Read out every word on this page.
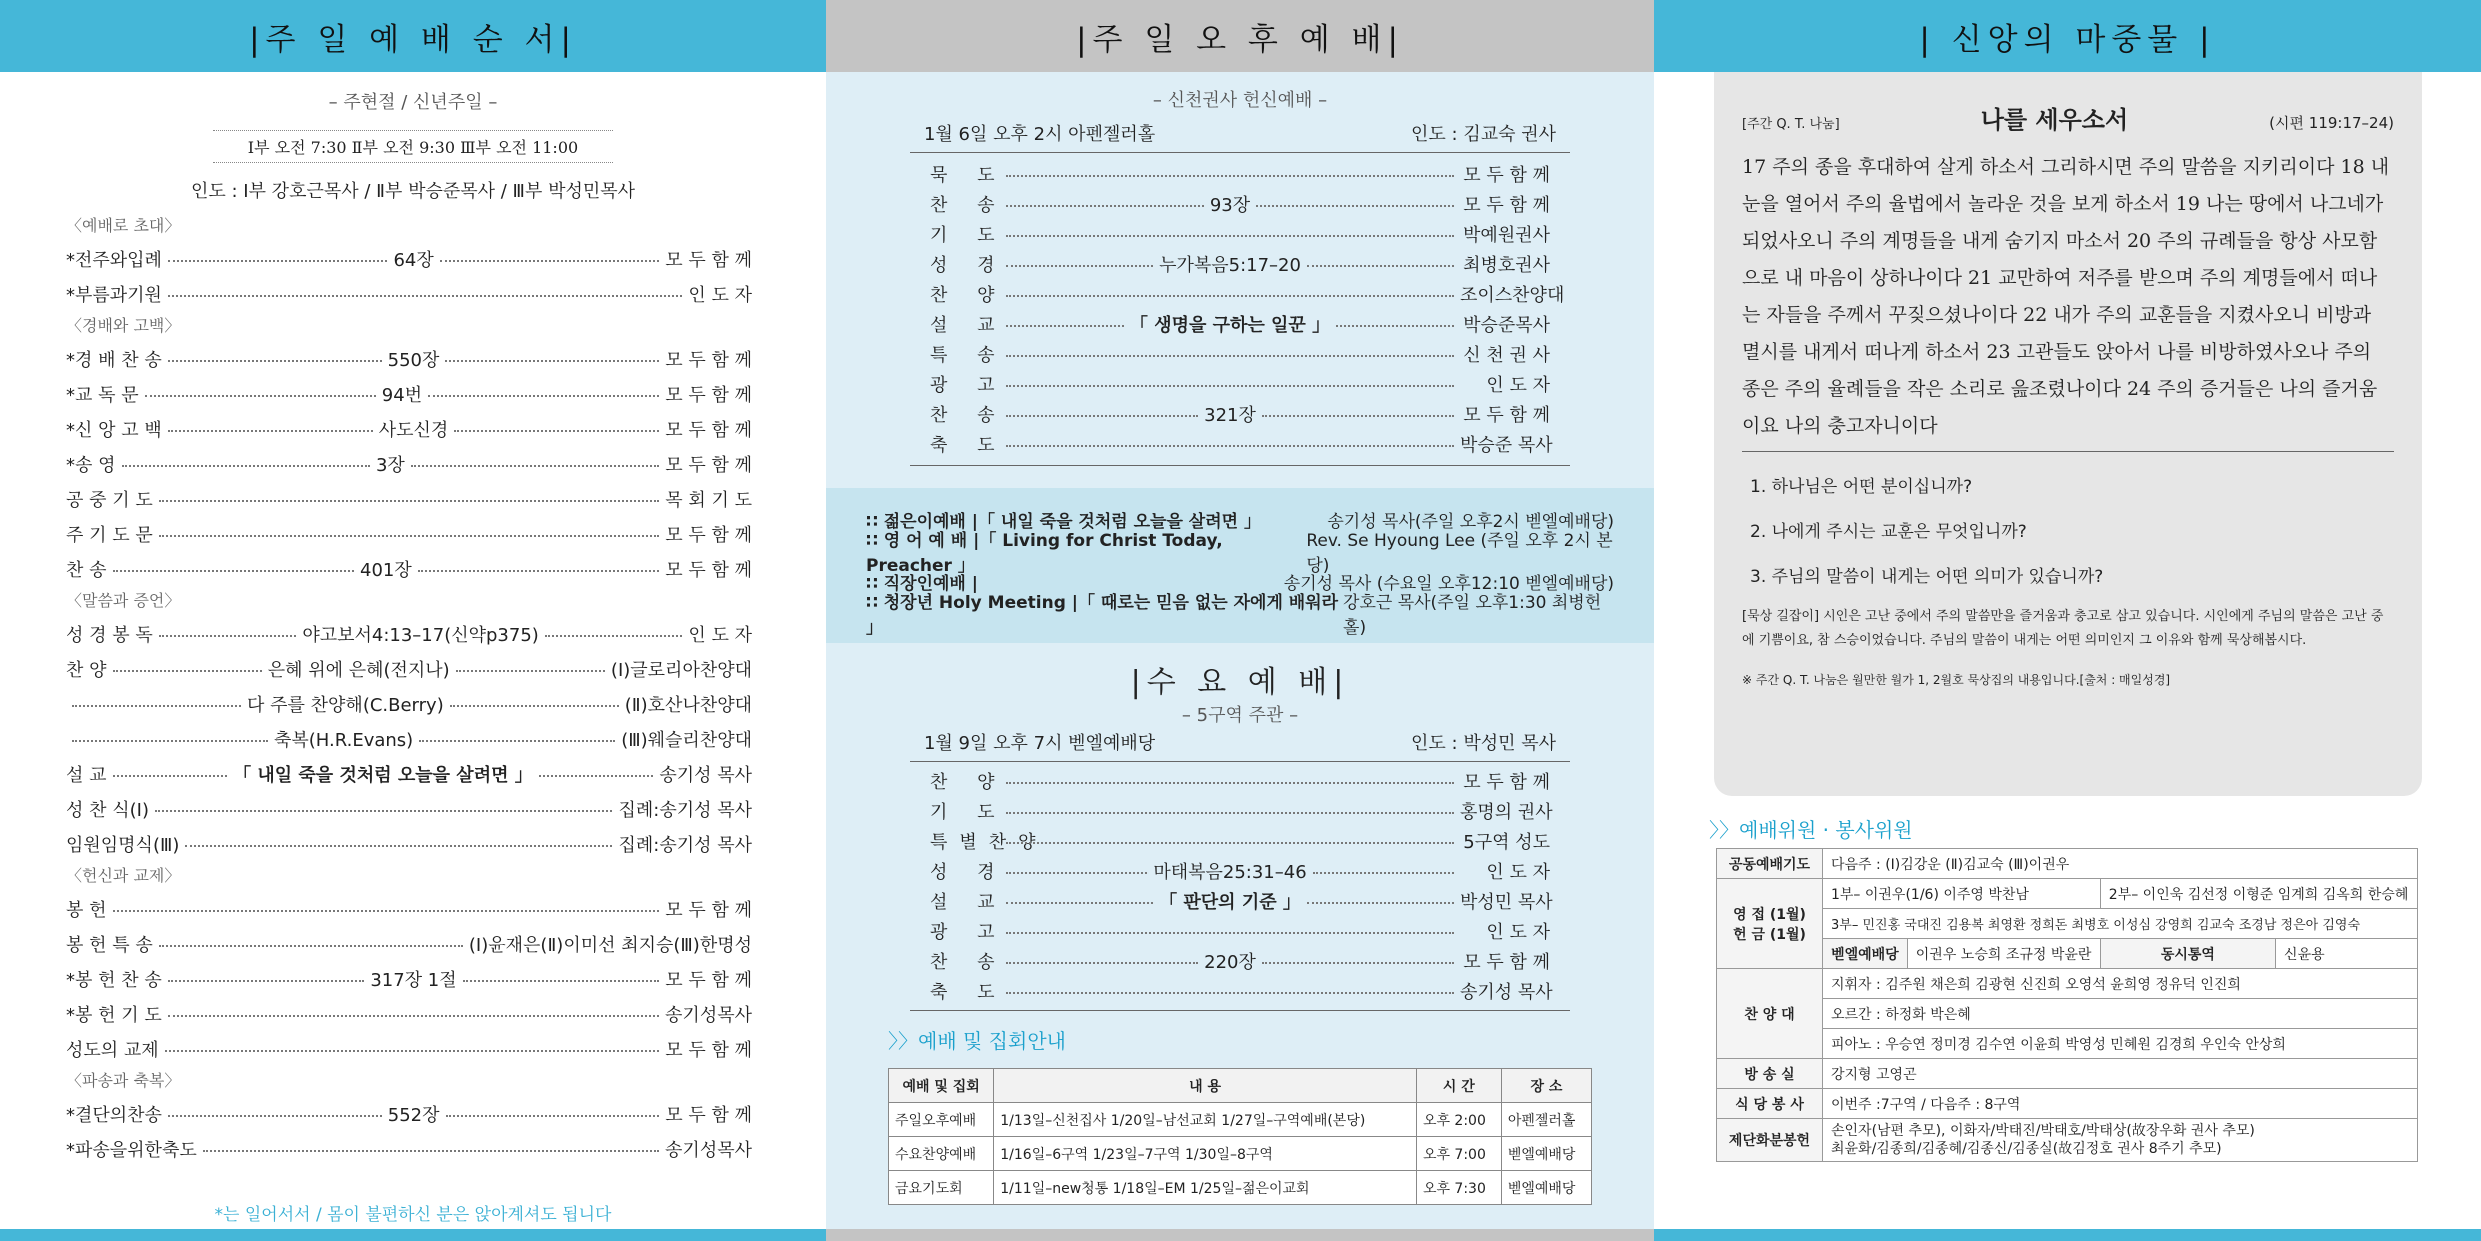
|주 일 예 배 순 서|
– 주현절 / 신년주일 –
Ⅰ부 오전 7:30 Ⅱ부 오전 9:30 Ⅲ부 오전 11:00
인도 : Ⅰ부 강호근목사 / Ⅱ부 박승준목사 / Ⅲ부 박성민목사
〈예배로 초대〉
*전주와입례	64장	모 두 함 께
*부름과기원	인 도 자
〈경배와 고백〉
*경 배 찬 송	550장	모 두 함 께
*교 독 문	94번	모 두 함 께
*신 앙 고 백	사도신경	모 두 함 께
*송 영	3장	모 두 함 께
공 중 기 도	목 회 기 도
주 기 도 문	모 두 함 께
찬 송	401장	모 두 함 께
〈말씀과 증언〉
성 경 봉 독	야고보서4:13–17(신약p375)	인 도 자
찬 양	은혜 위에 은혜(전지나)	(Ⅰ)글로리아찬양대
다 주를 찬양해(C.Berry)	(Ⅱ)호산나찬양대
축복(H.R.Evans)	(Ⅲ)웨슬리찬양대
설 교	「 내일 죽을 것처럼 오늘을 살려면 」	송기성 목사
성 찬 식(Ⅰ)	집례:송기성 목사
임원임명식(Ⅲ)	집례:송기성 목사
〈헌신과 교제〉
봉 헌	모 두 함 께
봉 헌 특 송	(Ⅰ)윤재은(Ⅱ)이미선 최지승(Ⅲ)한명성
*봉 헌 찬 송	317장 1절	모 두 함 께
*봉 헌 기 도	송기성목사
성도의 교제	모 두 함 께
〈파송과 축복〉
*결단의찬송	552장	모 두 함 께
*파송을위한축도	송기성목사
*는 일어서서 / 몸이 불편하신 분은 앉아계셔도 됩니다
|주 일 오 후 예 배|
– 신천권사 헌신예배 –
1월 6일 오후 2시 아펜젤러홀	인도 : 김교숙 권사
묵 도	모 두 함 께
찬 송	93장	모 두 함 께
기 도	박예원권사
성 경	누가복음5:17–20	최병호권사
찬 양	조이스찬양대
설 교	「 생명을 구하는 일꾼 」	박승준목사
특 송	신 천 권 사
광 고	인 도 자
찬 송	321장	모 두 함 께
축 도	박승준 목사
∷ 젊은이예배 |「 내일 죽을 것처럼 오늘을 살려면 」	송기성 목사(주일 오후2시 벧엘예배당)
∷ 영 어 예 배 |「 Living for Christ Today, Preacher 」
Rev. Se Hyoung Lee (주일 오후 2시 본당)
∷ 직장인예배 |	송기성 목사 (수요일 오후12:10 벧엘예배당)
∷ 청장년 Holy Meeting |「 때로는 믿음 없는 자에게 배워라 」
강호근 목사(주일 오후1:30 최병헌홀)
|수 요 예 배|
– 5구역 주관 –
1월 9일 오후 7시 벧엘예배당	인도 : 박성민 목사
찬 양	모 두 함 께
기 도	홍명의 권사
특별찬양	5구역 성도
성 경	마태복음25:31–46	인 도 자
설 교	「 판단의 기준 」	박성민 목사
광 고	인 도 자
찬 송	220장	모 두 함 께
축 도	송기성 목사
〉〉예배 및 집회안내
예배 및 집회	내 용	시 간	장 소
주일오후예배	1/13일–신천집사 1/20일–남선교회 1/27일–구역예배(본당)	오후 2:00	아펜젤러홀
수요찬양예배	1/16일–6구역 1/23일–7구역 1/30일–8구역	오후 7:00	벧엘예배당
금요기도회	1/11일–new청통 1/18일–EM 1/25일–젊은이교회	오후 7:30	벧엘예배당
| 신앙의 마중물 |
[주간 Q. T. 나눔]	나를 세우소서	(시편 119:17–24)
17 주의 종을 후대하여 살게 하소서 그리하시면 주의 말씀을 지키리이다 18 내 눈을 열어서 주의 율법에서 놀라운 것을 보게 하소서 19 나는 땅에서 나그네가 되었사오니 주의 계명들을 내게 숨기지 마소서 20 주의 규례들을 항상 사모함으로 내 마음이 상하나이다 21 교만하여 저주를 받으며 주의 계명들에서 떠나는 자들을 주께서 꾸짖으셨나이다 22 내가 주의 교훈들을 지켰사오니 비방과 멸시를 내게서 떠나게 하소서 23 고관들도 앉아서 나를 비방하였사오나 주의 종은 주의 율례들을 작은 소리로 읊조렸나이다 24 주의 증거들은 나의 즐거움이요 나의 충고자니이다
1. 하나님은 어떤 분이십니까?
2. 나에게 주시는 교훈은 무엇입니까?
3. 주님의 말씀이 내게는 어떤 의미가 있습니까?
[묵상 길잡이] 시인은 고난 중에서 주의 말씀만을 즐거움과 충고로 삼고 있습니다. 시인에게 주님의 말씀은 고난 중에 기쁨이요, 참 스승이었습니다. 주님의 말씀이 내게는 어떤 의미인지 그 이유와 함께 묵상해봅시다.
※ 주간 Q. T. 나눔은 월만한 월가 1, 2월호 묵상집의 내용입니다.[출처 : 매일성경]
〉〉예배위원 · 봉사위원
공동예배기도	다음주 : (Ⅰ)김강운 (Ⅱ)김교숙 (Ⅲ)이권우			
영 접 (1월)
헌 금 (1월)	1부– 이권우(1/6) 이주영 박찬남		2부– 이인욱 김선정 이형준 임계희 김옥희 한승혜	
	3부– 민진홍 국대진 김용복 최영환 정희돈 최병호 이성심 강영희 김교숙 조경남 정은아 김영숙			
	벧엘예배당	이권우 노승희 조규정 박윤란	동시통역	신윤용
찬 양 대	지휘자 : 김주원 채은희 김광현 신진희 오영석 윤희영 정유덕 인진희			
	오르간 : 하정화 박은혜			
	피아노 : 우승연 정미경 김수연 이윤희 박영성 민혜원 김경희 우인숙 안상희			
방 송 실	강지형 고영곤			
식 당 봉 사	이번주 :7구역 / 다음주 : 8구역			
제단화분봉헌	손인자(남편 추모), 이화자/박태진/박태호/박태상(故장우화 권사 추모)
최윤화/김종희/김종혜/김종신/김종실(故김정호 권사 8주기 추모)			
